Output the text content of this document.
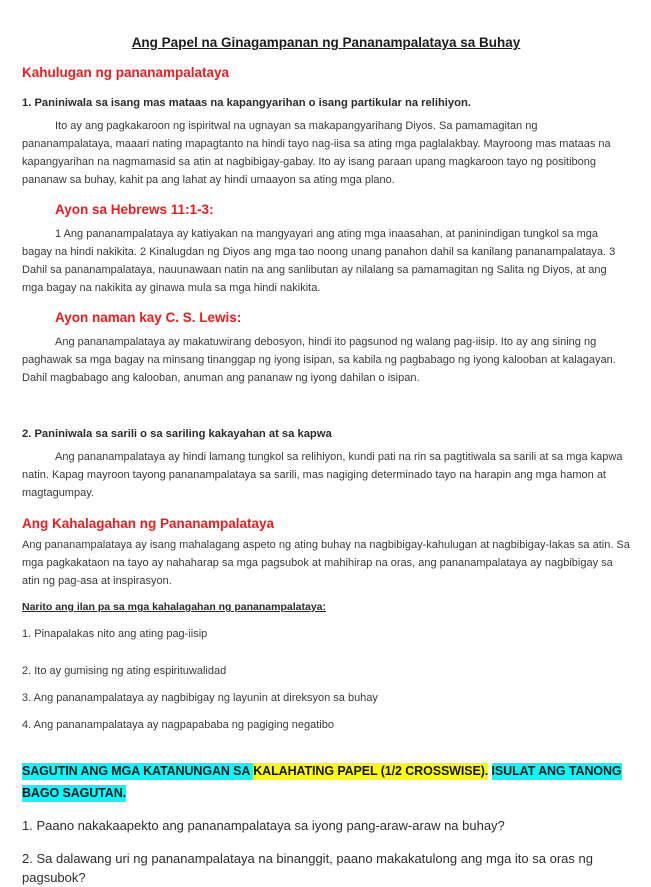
Ang Papel na Ginagampanan ng Pananampalataya sa Buhay
Kahulugan ng pananampalataya
1. Paniniwala sa isang mas mataas na kapangyarihan o isang partikular na relihiyon.
Ito ay ang pagkakaroon ng ispiritwal na ugnayan sa makapangyarihang Diyos. Sa pamamagitan ng pananampalataya, maaari nating mapagtanto na hindi tayo nag-iisa sa ating mga paglalakbay. Mayroong mas mataas na kapangyarihan na nagmamasid sa atin at nagbibigay-gabay. Ito ay isang paraan upang magkaroon tayo ng positibong pananaw sa buhay, kahit pa ang lahat ay hindi umaayon sa ating mga plano.
Ayon sa Hebrews 11:1-3:
1 Ang pananampalataya ay katiyakan na mangyayari ang ating mga inaasahan, at paninindigan tungkol sa mga bagay na hindi nakikita. 2 Kinalugdan ng Diyos ang mga tao noong unang panahon dahil sa kanilang pananampalataya. 3 Dahil sa pananampalataya, nauunawaan natin na ang sanlibutan ay nilalang sa pamamagitan ng Salita ng Diyos, at ang mga bagay na nakikita ay ginawa mula sa mga hindi nakikita.
Ayon naman kay C. S. Lewis:
Ang pananampalataya ay makatuwirang debosyon, hindi ito pagsunod ng walang pag-iisip. Ito ay ang sining ng paghawak sa mga bagay na minsang tinanggap ng iyong isipan, sa kabila ng pagbabago ng iyong kalooban at kalagayan. Dahil magbabago ang kalooban, anuman ang pananaw ng iyong dahilan o isipan.
2. Paniniwala sa sarili o sa sariling kakayahan at sa kapwa
Ang pananampalataya ay hindi lamang tungkol sa relihiyon, kundi pati na rin sa pagtitiwala sa sarili at sa mga kapwa natin. Kapag mayroon tayong pananampalataya sa sarili, mas nagiging determinado tayo na harapin ang mga hamon at magtagumpay.
Ang Kahalagahan ng Pananampalataya
Ang pananampalataya ay isang mahalagang aspeto ng ating buhay na nagbibigay-kahulugan at nagbibigay-lakas sa atin. Sa mga pagkakataon na tayo ay nahaharap sa mga pagsubok at mahihirap na oras, ang pananampalataya ay nagbibigay sa atin ng pag-asa at inspirasyon.
Narito ang ilan pa sa mga kahalagahan ng pananampalataya:
1. Pinapalakas nito ang ating pag-iisip
2. Ito ay gumising ng ating espirituwalidad
3. Ang pananampalataya ay nagbibigay ng layunin at direksyon sa buhay
4. Ang pananampalataya ay nagpapababa ng pagiging negatibo
SAGUTIN ANG MGA KATANUNGAN SA KALAHATING PAPEL (1/2 CROSSWISE). ISULAT ANG TANONG BAGO SAGUTAN.
1. Paano nakakaapekto ang pananampalataya sa iyong pang-araw-araw na buhay?
2. Sa dalawang uri ng pananampalataya na binanggit, paano makakatulong ang mga ito sa oras ng pagsubok?
